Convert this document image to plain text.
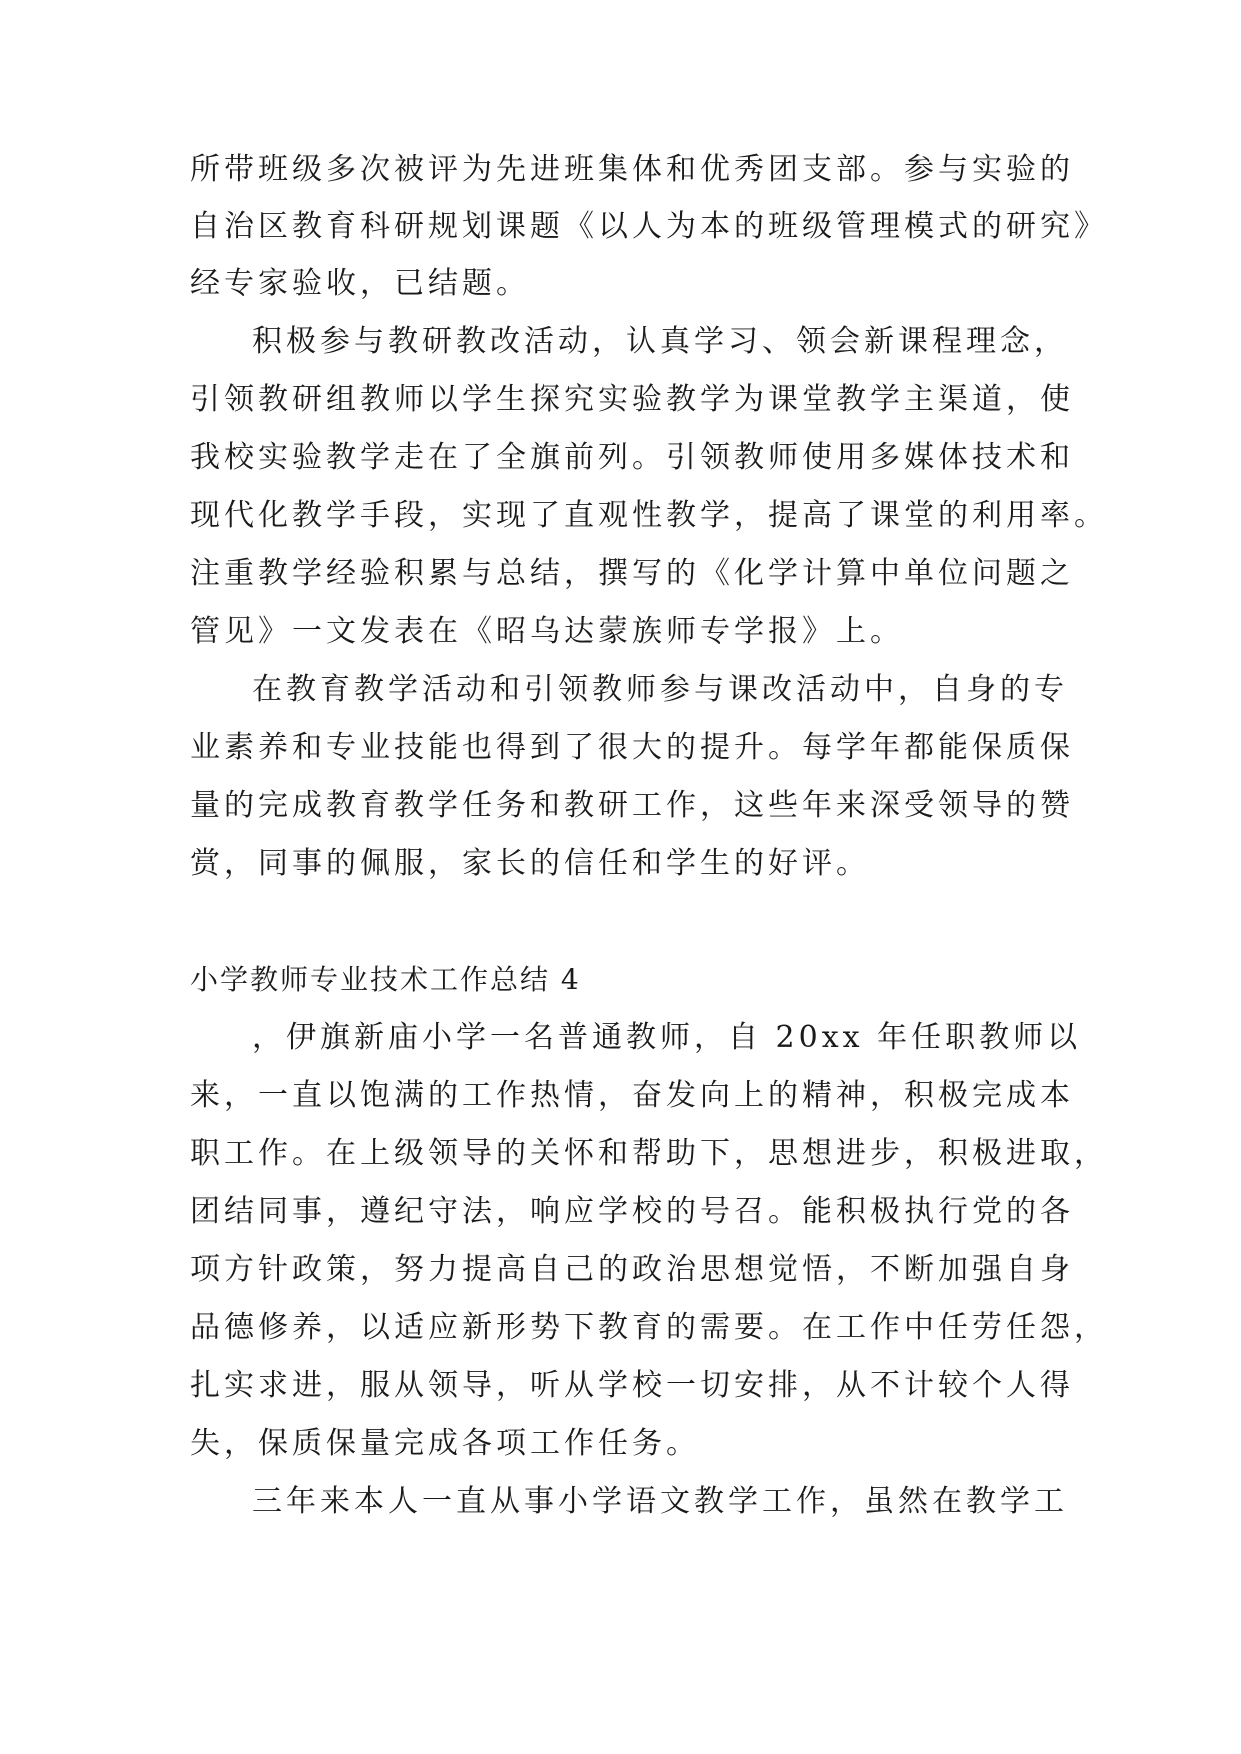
所带班级多次被评为先进班集体和优秀团支部。参与实验的
自治区教育科研规划课题《以人为本的班级管理模式的研究》
经专家验收，已结题。
积极参与教研教改活动，认真学习、领会新课程理念，
引领教研组教师以学生探究实验教学为课堂教学主渠道，使
我校实验教学走在了全旗前列。引领教师使用多媒体技术和
现代化教学手段，实现了直观性教学，提高了课堂的利用率。
注重教学经验积累与总结，撰写的《化学计算中单位问题之
管见》一文发表在《昭乌达蒙族师专学报》上。
在教育教学活动和引领教师参与课改活动中，自身的专
业素养和专业技能也得到了很大的提升。每学年都能保质保
量的完成教育教学任务和教研工作，这些年来深受领导的赞
赏，同事的佩服，家长的信任和学生的好评。
小学教师专业技术工作总结 4
，伊旗新庙小学一名普通教师，自 20xx 年任职教师以
来，一直以饱满的工作热情，奋发向上的精神，积极完成本
职工作。在上级领导的关怀和帮助下，思想进步，积极进取，
团结同事，遵纪守法，响应学校的号召。能积极执行党的各
项方针政策，努力提高自己的政治思想觉悟，不断加强自身
品德修养，以适应新形势下教育的需要。在工作中任劳任怨，
扎实求进，服从领导，听从学校一切安排，从不计较个人得
失，保质保量完成各项工作任务。
三年来本人一直从事小学语文教学工作，虽然在教学工
